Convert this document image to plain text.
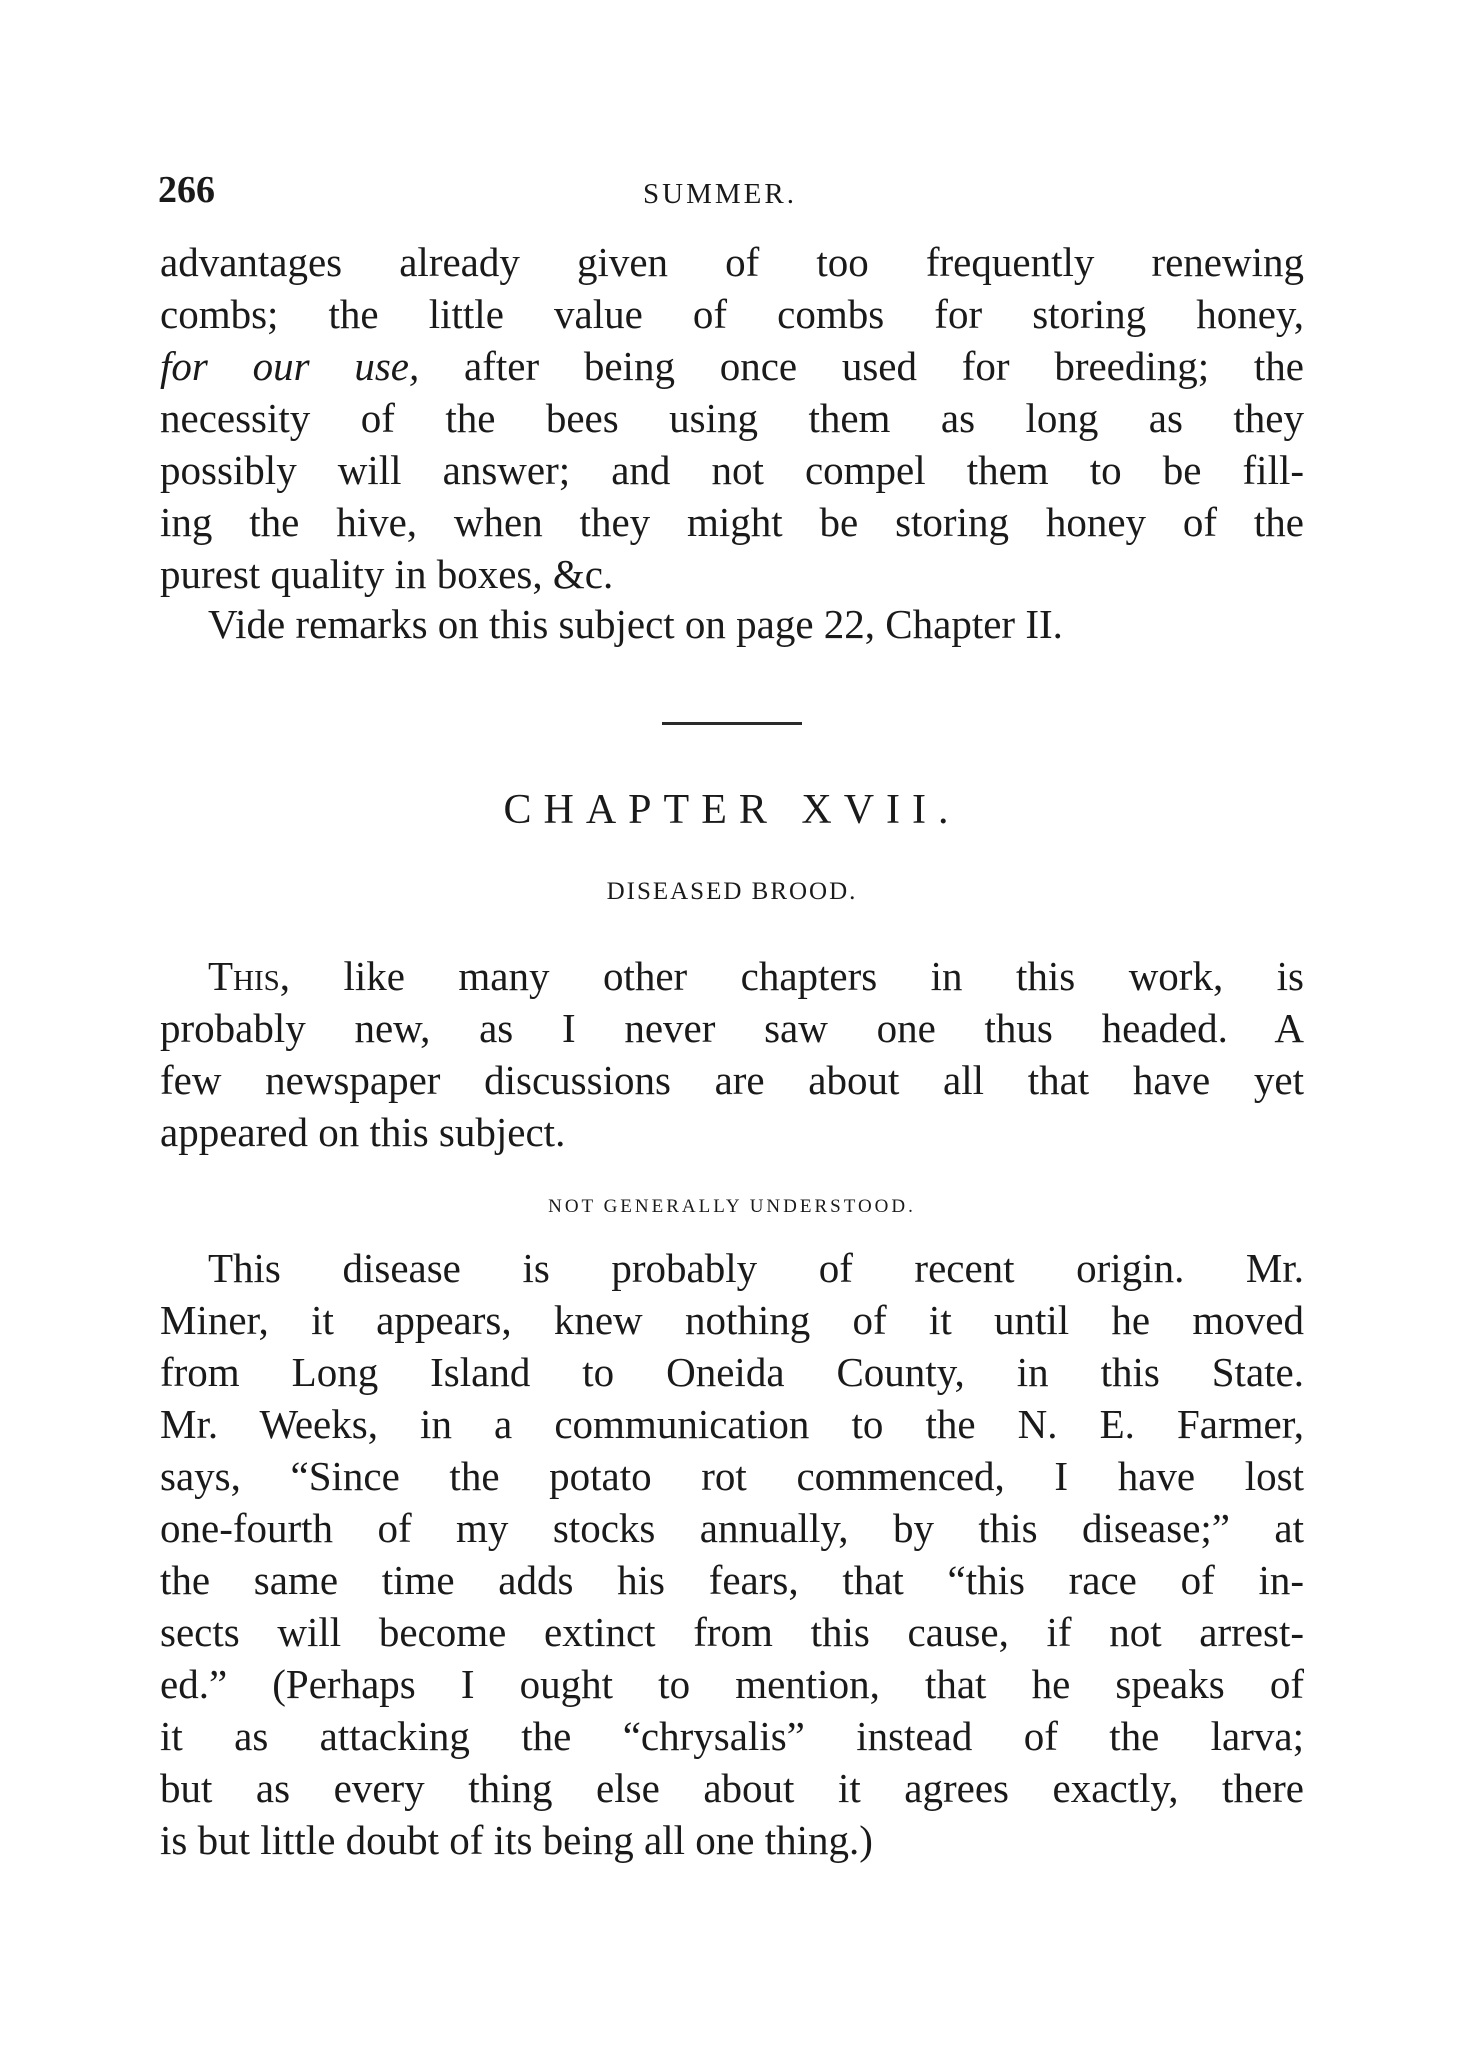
266	SUMMER.
advantages already given of too frequently renewing
combs; the little value of combs for storing honey,
for our use, after being once used for breeding; the
necessity of the bees using them as long as they
possibly will answer; and not compel them to be fill-
ing the hive, when they might be storing honey of the
purest quality in boxes, &c.
Vide remarks on this subject on page 22, Chapter II.
CHAPTER XVII.
DISEASED BROOD.
This, like many other chapters in this work, is
probably new, as I never saw one thus headed. A
few newspaper discussions are about all that have yet
appeared on this subject.
NOT GENERALLY UNDERSTOOD.
This disease is probably of recent origin. Mr.
Miner, it appears, knew nothing of it until he moved
from Long Island to Oneida County, in this State.
Mr. Weeks, in a communication to the N. E. Farmer,
says, “Since the potato rot commenced, I have lost
one-fourth of my stocks annually, by this disease;” at
the same time adds his fears, that “this race of in-
sects will become extinct from this cause, if not arrest-
ed.” (Perhaps I ought to mention, that he speaks of
it as attacking the “chrysalis” instead of the larva;
but as every thing else about it agrees exactly, there
is but little doubt of its being all one thing.)
